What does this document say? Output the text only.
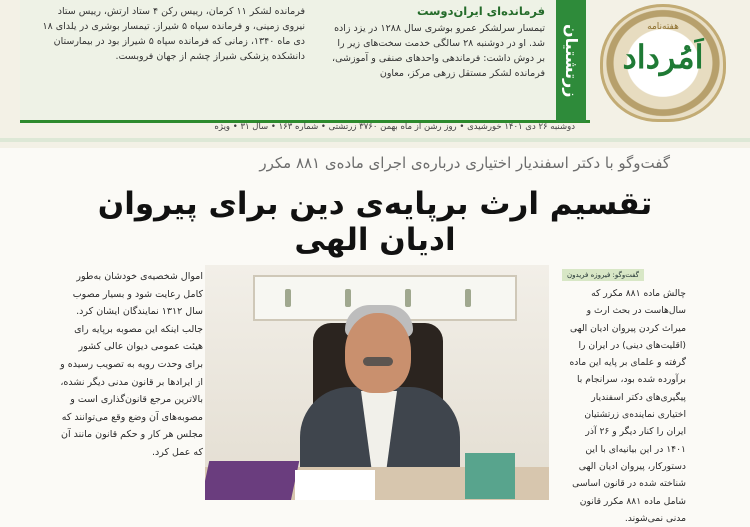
فرمانده‌ای ایران‌دوست
تیمسار سرلشکر عمرو بوشری سال ۱۲۸۸ در یزد زاده شد. او در دوشنبه ۲۸ سالگی خدمت سخت‌های زیر را بر دوش داشت: فرماندهی واحدهای صنفی و آموزشی، فرمانده لشکر مستقل زرهی مرکز، معاون
فرمانده لشکر ۱۱ کرمان، رییس رکن ۴ ستاد ارتش، رییس ستاد نیروی زمینی، و فرمانده سپاه ۵ شیراز. تیمسار بوشری در یلدای ۱۸ دی ماه ۱۳۴۰، زمانی که فرمانده سپاه ۵ شیراز بود در بیمارستان دانشکده پزشکی شیراز چشم از جهان فروبست.	زرتشتیان	هفته‌نامه
اَمُرداد
دوشنبه ۲۶ دی ۱۴۰۱ خورشیدی • روز رشن از ماه بهمن ۳۷۶۰ زرتشتی • شماره ۱۶۳ • سال ۳۱ • ویژه
گفت‌وگو با دکتر اسفندیار اختیاری درباره‌ی اجرای ماده‌ی ۸۸۱ مکرر
تقسیم ارث برپایه‌ی دین برای پیروان ادیان الهی
اموال شخصیه‌ی خودشان به‌طور کامل رعایت شود و بسیار مصوب سال ۱۳۱۲ نمایندگان ایشان کرد. جالب اینکه این مصوبه برپایه رای هیئت عمومی دیوان عالی کشور برای وحدت رویه به تصویب رسیده و از ایرادها بر قانون مدنی دیگر نشده، بالاترین مرجع قانون‌گذاری است و مصوبه‌های آن وضع وقع می‌توانند که مجلس هر کار و حکم قانون مانند آن که عمل کرد.
گفت‌وگو: فیروزه فریدون
چالش ماده ۸۸۱ مکرر که سال‌هاست در بحث ارث و میراث کردن پیروان ادیان الهی (اقلیت‌های دینی) در ایران را گرفته و علمای بر پایه این ماده برآورده شده بود، سرانجام با پیگیری‌های دکتر اسفندیار اختیاری نماینده‌ی زرتشتیان ایران را کنار دیگر و ۲۶ آذر ۱۴۰۱ در این بیانیه‌ای با این دستورکار، پیروان ادیان الهی شناخته شده در قانون اساسی شامل ماده ۸۸۱ مکرر قانون مدنی نمی‌شوند.
